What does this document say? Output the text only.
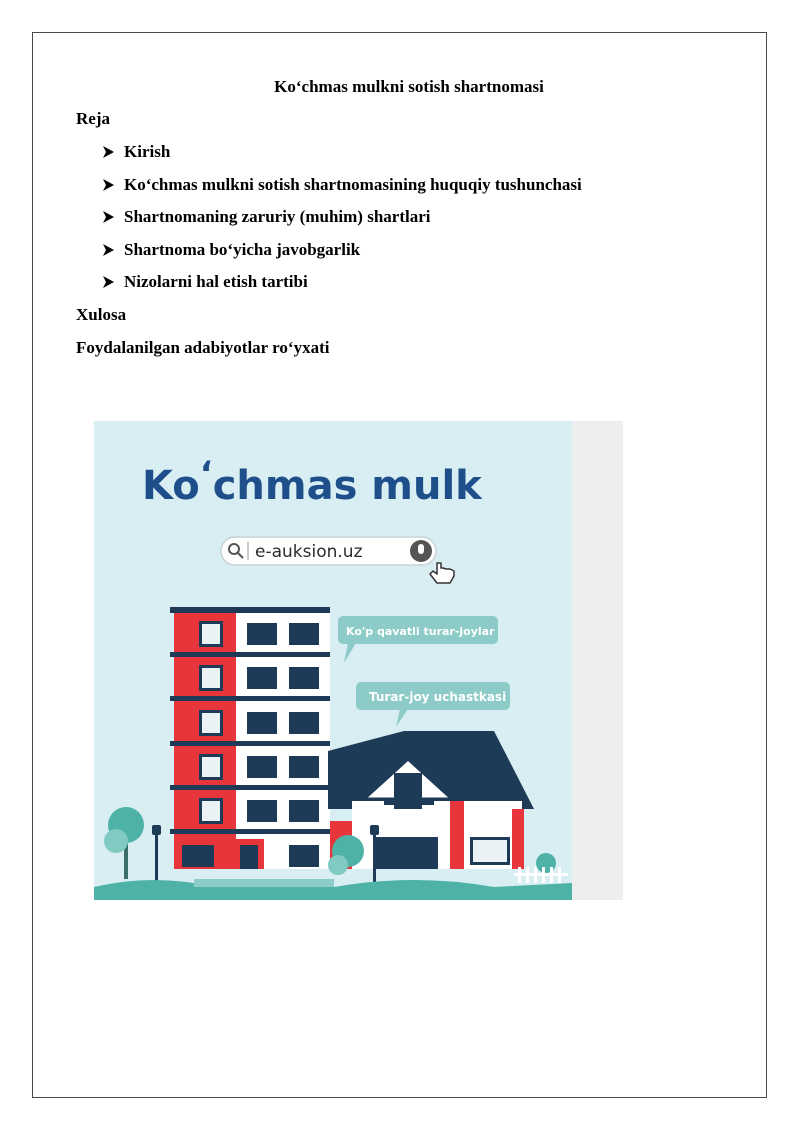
Ko‘chmas mulkni sotish shartnomasi
Reja
Kirish
Ko‘chmas mulkni sotish shartnomasining huquqiy tushunchasi
Shartnomaning zaruriy (muhim) shartlari
Shartnoma bo‘yicha javobgarlik
Nizolarni hal etish tartibi
Xulosa
Foydalanilgan adabiyotlar ro‘yxati
Ko‘chmas mulk
e-auksion.uz
Ko'p qavatli turar-joylar
Turar-joy uchastkasi
